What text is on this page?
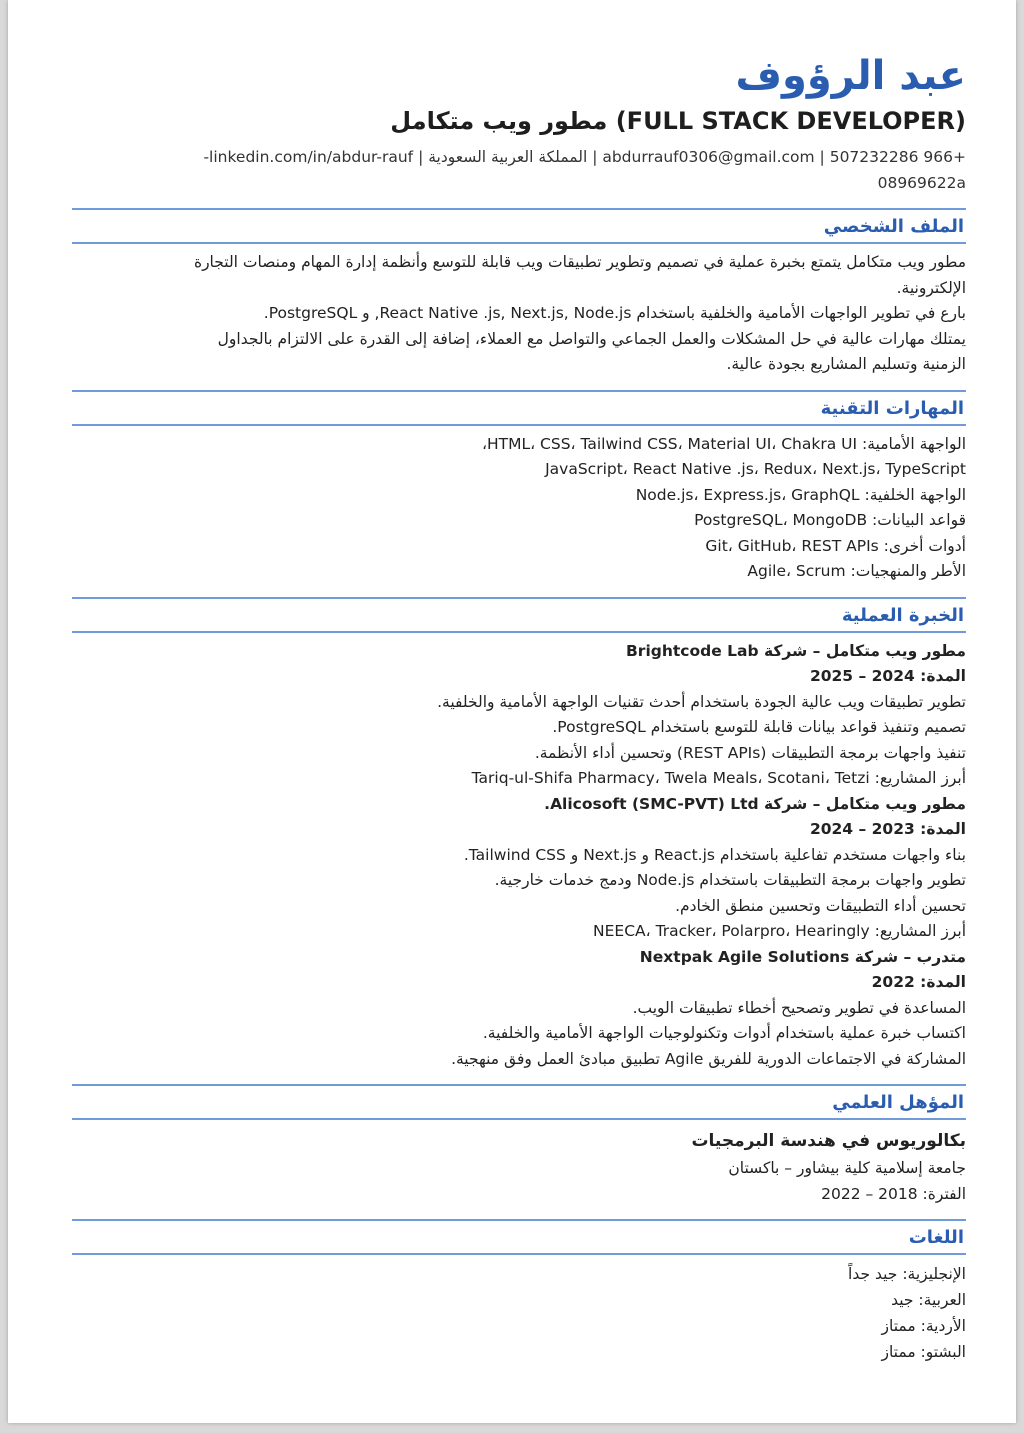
عبد الرؤوف
(FULL STACK DEVELOPER) مطور ويب متكامل
+966 507232286 | abdurrauf0306@gmail.com | المملكة العربية السعودية | linkedin.com/in/abdur-rauf-
08969622a
الملف الشخصي
مطور ويب متكامل يتمتع بخبرة عملية في تصميم وتطوير تطبيقات ويب قابلة للتوسع وأنظمة إدارة المهام ومنصات التجارة
الإلكترونية.
بارع في تطوير الواجهات الأمامية والخلفية باستخدام React Native .js, Next.js, Node.js, و PostgreSQL.
يمتلك مهارات عالية في حل المشكلات والعمل الجماعي والتواصل مع العملاء، إضافة إلى القدرة على الالتزام بالجداول
الزمنية وتسليم المشاريع بجودة عالية.
المهارات التقنية
الواجهة الأمامية: HTML، CSS، Tailwind CSS، Material UI، Chakra UI،
JavaScript، React Native .js، Redux، Next.js، TypeScript
الواجهة الخلفية: Node.js، Express.js، GraphQL
قواعد البيانات: PostgreSQL، MongoDB
أدوات أخرى: Git، GitHub، REST APIs
الأطر والمنهجيات: Agile، Scrum
الخبرة العملية
مطور ويب متكامل – شركة Brightcode Lab
المدة: 2024 – 2025
تطوير تطبيقات ويب عالية الجودة باستخدام أحدث تقنيات الواجهة الأمامية والخلفية.
تصميم وتنفيذ قواعد بيانات قابلة للتوسع باستخدام PostgreSQL.
تنفيذ واجهات برمجة التطبيقات (REST APIs) وتحسين أداء الأنظمة.
أبرز المشاريع: Tariq-ul-Shifa Pharmacy، Twela Meals، Scotani، Tetzi
مطور ويب متكامل – شركة Alicosoft (SMC-PVT) Ltd.
المدة: 2023 – 2024
بناء واجهات مستخدم تفاعلية باستخدام React.js و Next.js و Tailwind CSS.
تطوير واجهات برمجة التطبيقات باستخدام Node.js ودمج خدمات خارجية.
تحسين أداء التطبيقات وتحسين منطق الخادم.
أبرز المشاريع: NEECA، Tracker، Polarpro، Hearingly
متدرب – شركة Nextpak Agile Solutions
المدة: 2022
المساعدة في تطوير وتصحيح أخطاء تطبيقات الويب.
اكتساب خبرة عملية باستخدام أدوات وتكنولوجيات الواجهة الأمامية والخلفية.
المشاركة في الاجتماعات الدورية للفريق Agile تطبيق مبادئ العمل وفق منهجية.
المؤهل العلمي
بكالوريوس في هندسة البرمجيات
جامعة إسلامية كلية بيشاور – باكستان
الفترة: 2018 – 2022
اللغات
الإنجليزية: جيد جداً
العربية: جيد
الأردية: ممتاز
البشتو: ممتاز
